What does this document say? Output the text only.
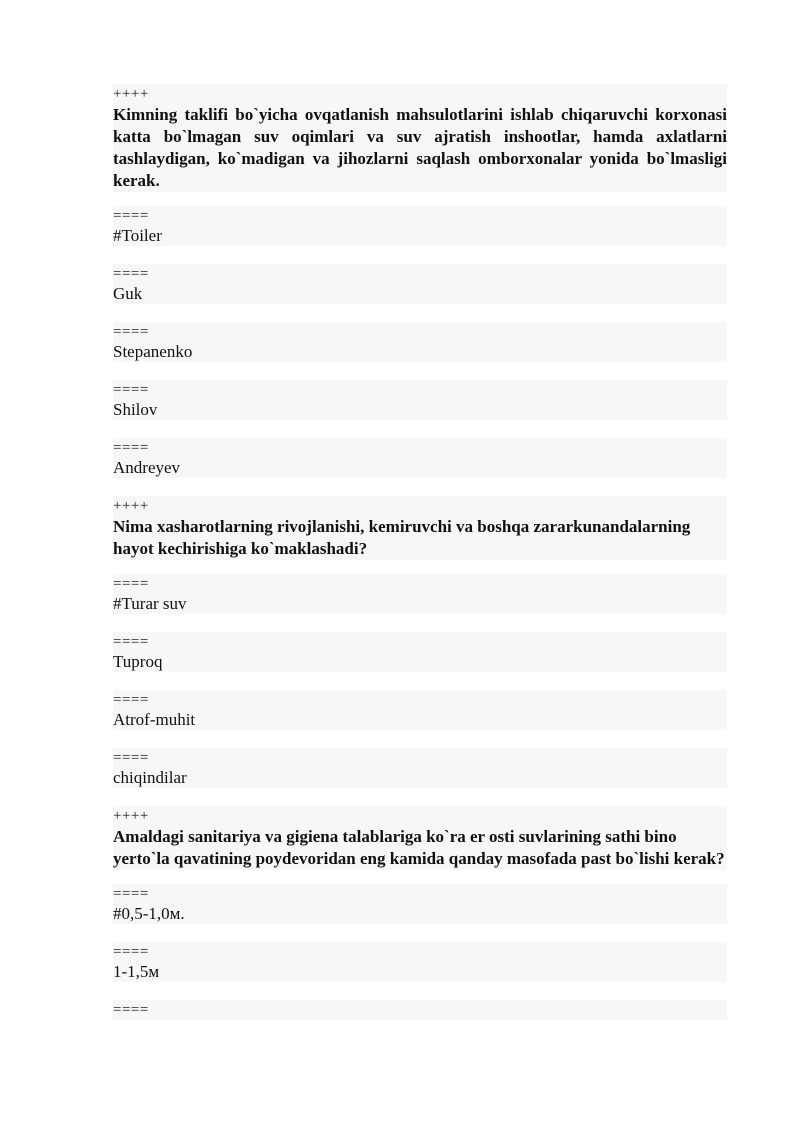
++++
Kimning taklifi bo`yicha ovqatlanish mahsulotlarini ishlab chiqaruvchi korxonasi katta bo`lmagan suv oqimlari va suv ajratish inshootlar, hamda axlatlarni tashlaydigan, ko`madigan va jihozlarni saqlash omborxonalar yonida bo`lmasligi kerak.
====
#Toiler
====
Guk
====
Stepanenko
====
Shilov
====
Andreyev
++++
Nima xasharotlarning rivojlanishi, kemiruvchi va boshqa zararkunandalarning hayot kechirishiga ko`maklashadi?
====
#Turar suv
====
Tuproq
====
Atrof-muhit
====
chiqindilar
++++
Amaldagi sanitariya va gigiena talablariga ko`ra er osti suvlarining sathi bino yerto`la qavatining poydevoridan eng kamida qanday masofada past bo`lishi kerak?
====
#0,5-1,0м.
====
1-1,5м
====
